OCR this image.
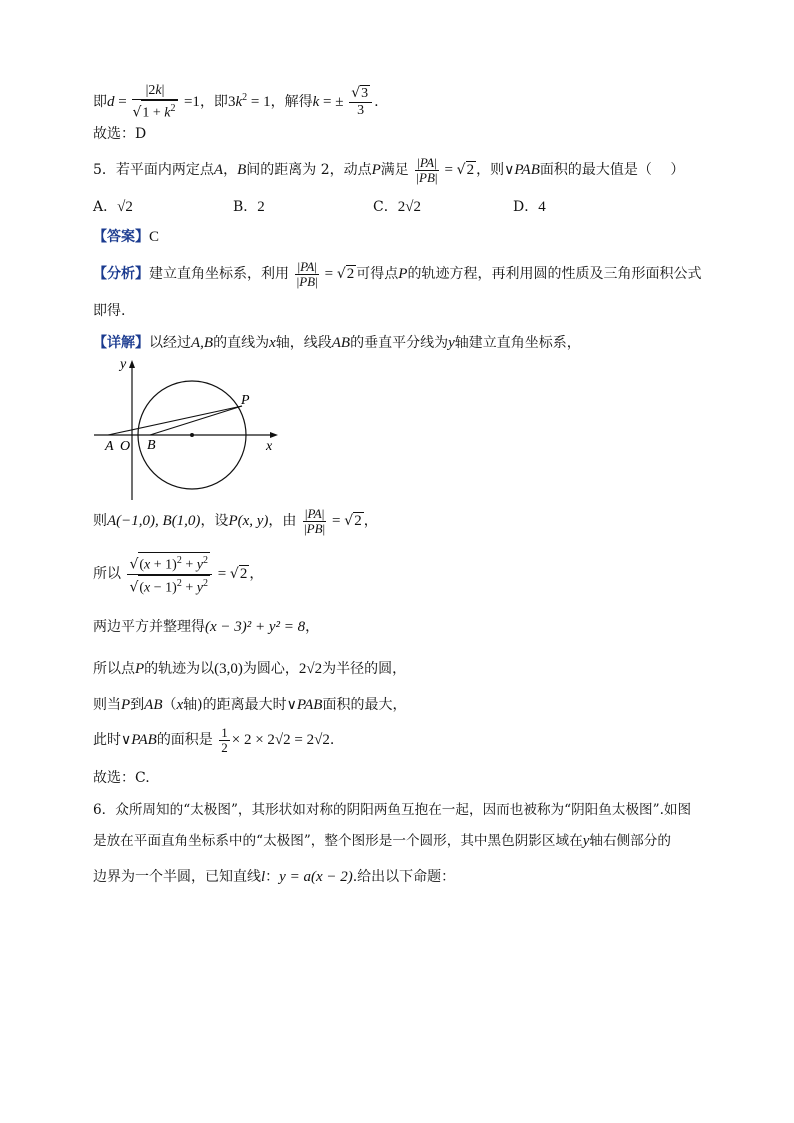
即$d = \frac{|2k|}{√1 + k^2} =1$，即$3k^2 = 1$，解得k = ± $\frac{√3}{3}$ .
故选：D
5．若平面内两定点A，B间的距离为 2，动点P满足 $\frac{|PA|}{|PB|} = √2$ ，则∨PAB面积的最大值是（　 ）
A．√2	B．2	C．2√2	D．4
【答案】C
【分析】建立直角坐标系，利用 $\frac{|PA|}{|PB|} = √2$ 可得点P的轨迹方程，再利用圆的性质及三角形面积公式
即得.
【详解】以经过A,B的直线为x轴，线段AB的垂直平分线为y轴建立直角坐标系，
y
x
A O B
P
则A(−1,0), B(1,0)，设P(x, y)，由 $\frac{|PA|}{|PB|} = √2$ ，
所以 $\frac{√(x + 1)^2 + y^2}{√(x - 1)^2 + y^2} = √2$ ，
两边平方并整理得(x − 3)² + y² = 8，
所以点P的轨迹为以(3,0)为圆心，2√2为半径的圆，
则当P到AB（x轴)的距离最大时∨PAB面积的最大，
此时∨PAB的面积是 $\frac{1}{2} \times 2 \times 2√2 = 2√2$.
故选：C.
6．众所周知的“太极图”，其形状如对称的阴阳两鱼互抱在一起，因而也被称为“阴阳鱼太极图”.如图
是放在平面直角坐标系中的“太极图”，整个图形是一个圆形，其中黑色阴影区域在y轴右侧部分的
边界为一个半圆，已知直线l：y = a(x − 2).给出以下命题：
